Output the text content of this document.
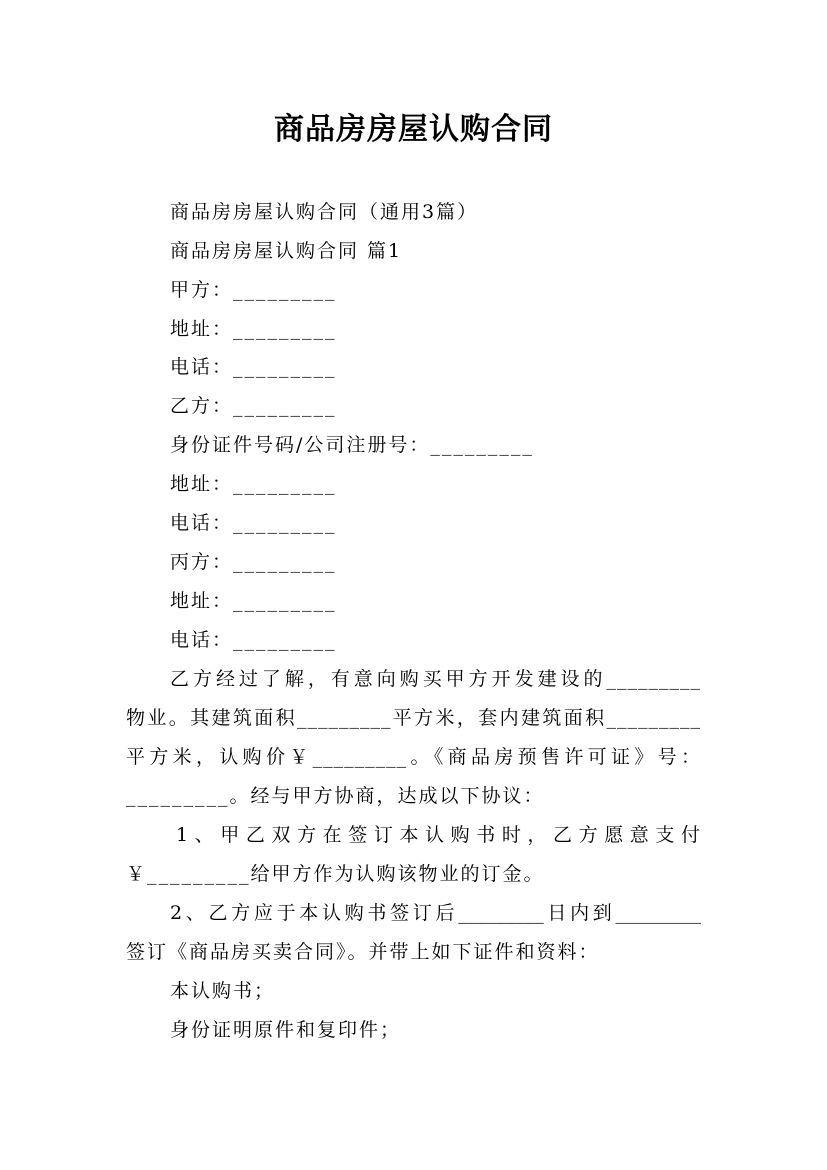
商品房房屋认购合同
商品房房屋认购合同（通用3篇）
商品房房屋认购合同 篇1
甲方：_________
地址：_________
电话：_________
乙方：_________
身份证件号码/公司注册号：_________
地址：_________
电话：_________
丙方：_________
地址：_________
电话：_________
乙方经过了解，有意向购买甲方开发建设的_________
物业。其建筑面积_________平方米，套内建筑面积_________
平方米，认购价￥_________。《商品房预售许可证》号：
_________。经与甲方协商，达成以下协议：
1、甲乙双方在签订本认购书时，乙方愿意支付
￥_________给甲方作为认购该物业的订金。
2、乙方应于本认购书签订后_________日内到_________
签订《商品房买卖合同》。并带上如下证件和资料：
本认购书；
身份证明原件和复印件；
